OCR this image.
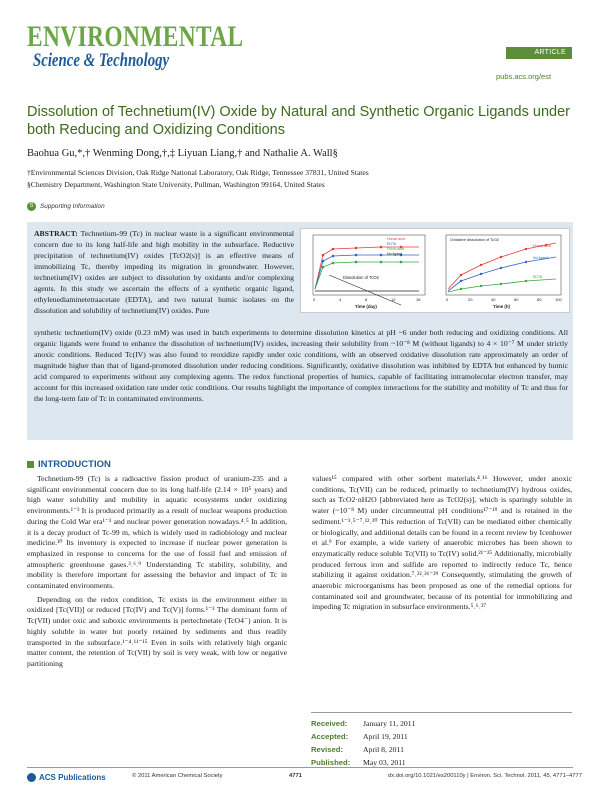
ENVIRONMENTAL
Science & Technology	ARTICLE
pubs.acs.org/est
Dissolution of Technetium(IV) Oxide by Natural and Synthetic Organic Ligands under both Reducing and Oxidizing Conditions
Baohua Gu,*,† Wenming Dong,†,‡ Liyuan Liang,† and Nathalie A. Wall§
†Environmental Sciences Division, Oak Ridge National Laboratory, Oak Ridge, Tennessee 37831, United States
§Chemistry Department, Washington State University, Pullman, Washington 99164, United States
S	Supporting Information
ABSTRACT: Technetium-99 (Tc) in nuclear waste is a significant environmental concern due to its long half-life and high mobility in the subsurface. Reductive precipitation of technetium(IV) oxides [TcO2(s)] is an effective means of immobilizing Tc, thereby impeding its migration in groundwater. However, technetium(IV) oxides are subject to dissolution by oxidants and/or complexing agents. In this study we ascertain the effects of a synthetic organic ligand, ethylenediaminetetraacetate (EDTA), and two natural humic isolates on the dissolution and solubility of technetium(IV) oxides. Pure
synthetic technetium(IV) oxide (0.23 mM) was used in batch experiments to determine dissolution kinetics at pH ~6 under both reducing and oxidizing conditions. All organic ligands were found to enhance the dissolution of technetium(IV) oxides, increasing their solubility from ~10⁻⁸ M (without ligands) to 4 × 10⁻⁷ M under strictly anoxic conditions. Reduced Tc(IV) was also found to reoxidize rapidly under oxic conditions, with an observed oxidative dissolution rate approximately an order of magnitude higher than that of ligand-promoted dissolution under reducing conditions. Significantly, oxidative dissolution was inhibited by EDTA but enhanced by humic acid compared to experiments without any complexing agents. The redox functional properties of humics, capable of facilitating intramolecular electron transfer, may account for this increased oxidation rate under oxic conditions. Our results highlight the importance of complex interactions for the stability and mobility of Tc and thus for the long-term fate of Tc in contaminated environments.
Dissolution of TcO2
Humic acid
EDTA
Fulvic acid
No ligand
0	4	8	12	16
Time (day)
Oxidative dissolution of TcO2
Humic acid
No ligand
EDTA
0	20	40	60	80	100
Time (h)
INTRODUCTION

Technetium-99 (Tc) is a radioactive fission product of uranium-235 and a significant environmental concern due to its long half-life (2.14 × 10⁵ years) and high water solubility and mobility in aquatic ecosystems under oxidizing environments.¹⁻³ It is produced primarily as a result of nuclear weapons production during the Cold War era¹⁻³ and nuclear power generation nowadays.⁴˒⁵ In addition, it is a decay product of Tc-99 m, which is widely used in radiobiology and nuclear medicine.¹⁰ Its inventory is expected to increase if nuclear power generation is emphasized in response to concerns for the use of fossil fuel and emission of atmospheric greenhouse gases.³˒⁶˒⁹ Understanding Tc stability, solubility, and mobility is therefore important for assessing the behavior and impact of Tc in contaminated environments.

Depending on the redox condition, Tc exists in the environment either in oxidized [Tc(VII)] or reduced [Tc(IV) and Tc(V)] forms.¹⁻³ The dominant form of Tc(VII) under oxic and suboxic environments is pertechnetate (TcO4⁻) anion. It is highly soluble in water but poorly retained by sediments and thus readily transported in the subsurface.¹⁻⁴˒¹¹⁻¹⁵ Even in soils with relatively high organic matter content, the retention of Tc(VII) by soil is very weak, with low or negative partitioning

values¹⁵ compared with other sorbent materials.⁴˒¹⁶ However, under anoxic conditions, Tc(VII) can be reduced, primarily to technetium(IV) hydrous oxides, such as TcO2·nH2O [abbreviated here as TcO2(s)], which is sparingly soluble in water (~10⁻⁸ M) under circumneutral pH conditions¹⁷⁻¹⁹ and is retained in the sediment.¹⁻³˒⁵⁻⁷˒¹²˒²⁰ This reduction of Tc(VII) can be mediated either chemically or biologically, and additional details can be found in a recent review by Icenhower et al.⁹ For example, a wide variety of anaerobic microbes has been shown to enzymatically reduce soluble Tc(VII) to Tc(IV) solid.²¹⁻²⁵ Additionally, microbially produced ferrous iron and sulfide are reported to indirectly reduce Tc, hence stabilizing it against oxidation.⁷˒²²˒²⁶⁻²⁹ Consequently, stimulating the growth of anaerobic microorganisms has been proposed as one of the remedial options for contaminated soil and groundwater, because of its potential for immobilizing and impeding Tc migration in subsurface environments.⁵˒⁶˒²⁷

Received: January 11, 2011
Accepted: April 19, 2011
Revised:	April 8, 2011
Published: May 03, 2011
ACS Publications	© 2011 American Chemical Society	4771	dx.doi.org/10.1021/es200110y | Environ. Sci. Technol. 2011, 45, 4771–4777
